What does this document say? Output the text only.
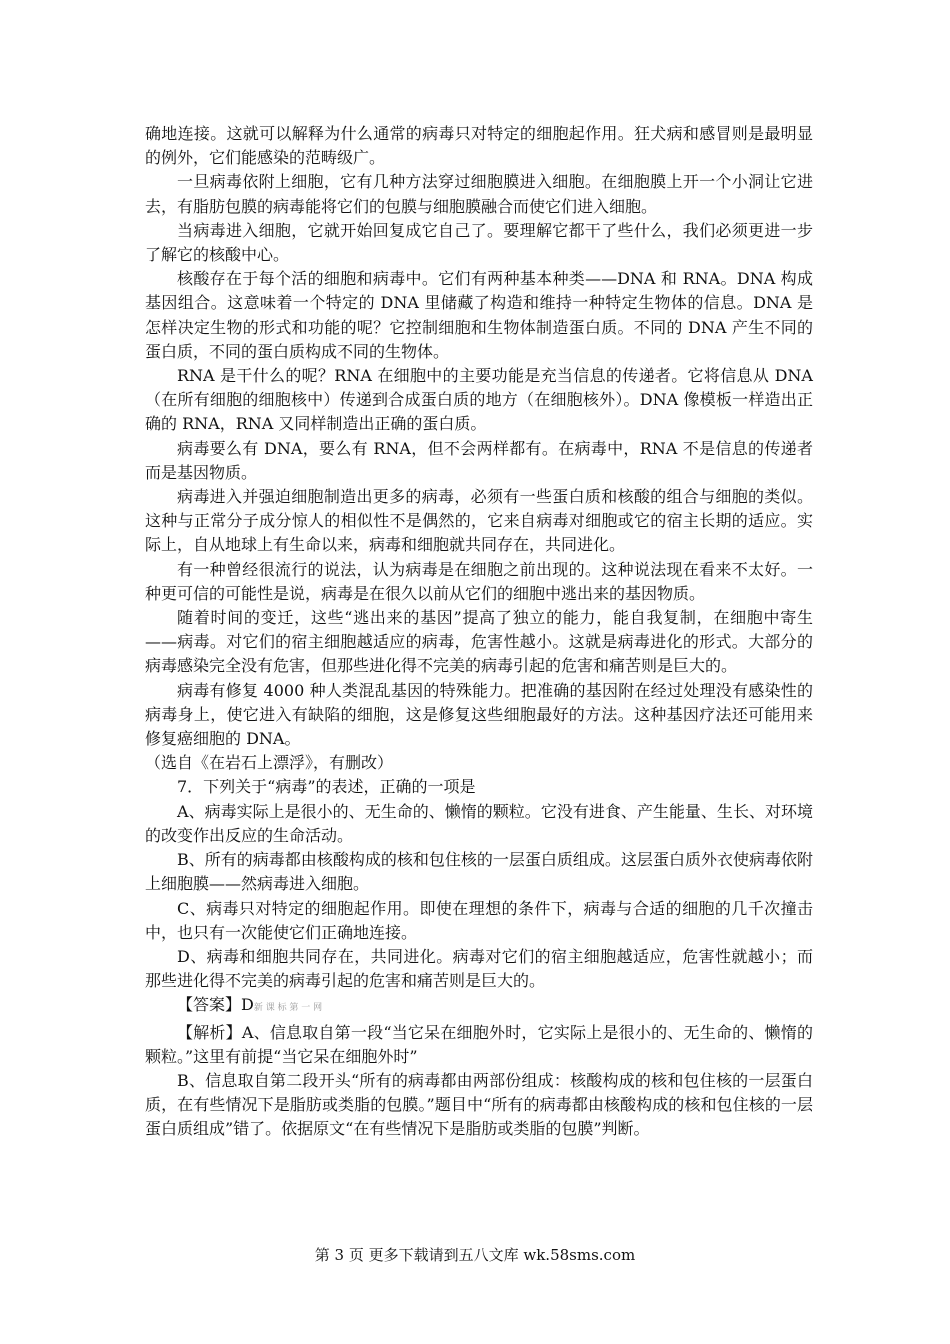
确地连接。这就可以解释为什么通常的病毒只对特定的细胞起作用。狂犬病和感冒则是最明显的例外，它们能感染的范畴级广。

一旦病毒依附上细胞，它有几种方法穿过细胞膜进入细胞。在细胞膜上开一个小洞让它进去，有脂肪包膜的病毒能将它们的包膜与细胞膜融合而使它们进入细胞。

当病毒进入细胞，它就开始回复成它自己了。要理解它都干了些什么，我们必须更进一步了解它的核酸中心。

核酸存在于每个活的细胞和病毒中。它们有两种基本种类——DNA 和 RNA。DNA 构成基因组合。这意味着一个特定的 DNA 里储藏了构造和维持一种特定生物体的信息。DNA 是怎样决定生物的形式和功能的呢？它控制细胞和生物体制造蛋白质。不同的 DNA 产生不同的蛋白质，不同的蛋白质构成不同的生物体。

RNA 是干什么的呢？RNA 在细胞中的主要功能是充当信息的传递者。它将信息从 DNA（在所有细胞的细胞核中）传递到合成蛋白质的地方（在细胞核外）。DNA 像模板一样造出正确的 RNA，RNA 又同样制造出正确的蛋白质。

病毒要么有 DNA，要么有 RNA，但不会两样都有。在病毒中，RNA 不是信息的传递者而是基因物质。

病毒进入并强迫细胞制造出更多的病毒，必须有一些蛋白质和核酸的组合与细胞的类似。这种与正常分子成分惊人的相似性不是偶然的，它来自病毒对细胞或它的宿主长期的适应。实际上，自从地球上有生命以来，病毒和细胞就共同存在，共同进化。

有一种曾经很流行的说法，认为病毒是在细胞之前出现的。这种说法现在看来不太好。一种更可信的可能性是说，病毒是在很久以前从它们的细胞中逃出来的基因物质。

随着时间的变迁，这些“逃出来的基因”提高了独立的能力，能自我复制，在细胞中寄生——病毒。对它们的宿主细胞越适应的病毒，危害性越小。这就是病毒进化的形式。大部分的病毒感染完全没有危害，但那些进化得不完美的病毒引起的危害和痛苦则是巨大的。

病毒有修复 4000 种人类混乱基因的特殊能力。把准确的基因附在经过处理没有感染性的病毒身上，使它进入有缺陷的细胞，这是修复这些细胞最好的方法。这种基因疗法还可能用来修复癌细胞的 DNA。

（选自《在岩石上漂浮》，有删改）

7．下列关于“病毒”的表述，正确的一项是

A、病毒实际上是很小的、无生命的、懒惰的颗粒。它没有进食、产生能量、生长、对环境的改变作出反应的生命活动。

B、所有的病毒都由核酸构成的核和包住核的一层蛋白质组成。这层蛋白质外衣使病毒依附上细胞膜——然病毒进入细胞。

C、病毒只对特定的细胞起作用。即使在理想的条件下，病毒与合适的细胞的几千次撞击中，也只有一次能使它们正确地连接。

D、病毒和细胞共同存在，共同进化。病毒对它们的宿主细胞越适应，危害性就越小；而那些进化得不完美的病毒引起的危害和痛苦则是巨大的。

【答案】D新 课 标 第 一 网

【解析】A、信息取自第一段“当它呆在细胞外时，它实际上是很小的、无生命的、懒惰的颗粒。”这里有前提“当它呆在细胞外时”

B、信息取自第二段开头“所有的病毒都由两部份组成：核酸构成的核和包住核的一层蛋白质，在有些情况下是脂肪或类脂的包膜。”题目中“所有的病毒都由核酸构成的核和包住核的一层蛋白质组成”错了。依据原文“在有些情况下是脂肪或类脂的包膜”判断。

第 3 页 更多下载请到五八文库 wk.58sms.com
